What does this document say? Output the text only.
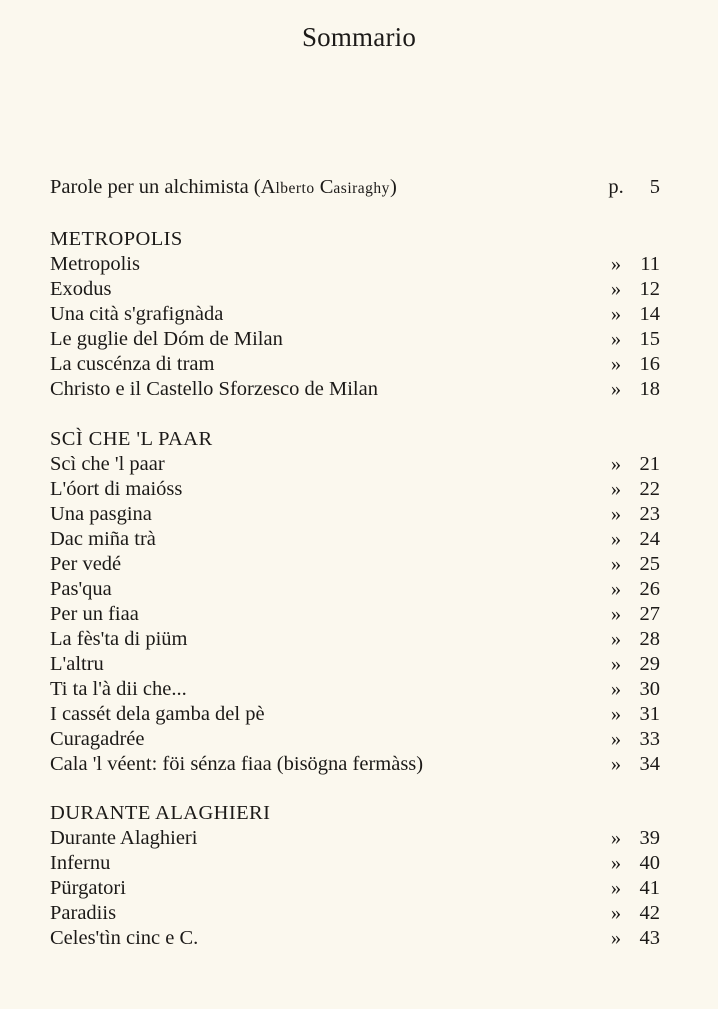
Sommario
Parole per un alchimista (Alberto Casiraghy)	p.	5
METROPOLIS
Metropolis	» 11
Exodus	» 12
Una cità s'grafignàda	» 14
Le guglie del Dóm de Milan	» 15
La cuscénza di tram	» 16
Christo e il Castello Sforzesco de Milan	» 18
SCÌ CHE 'L PAAR
Scì che 'l paar	» 21
L'óort di maióss	» 22
Una pasgina	» 23
Dac miña trà	» 24
Per vedé	» 25
Pas'qua	» 26
Per un fiaa	» 27
La fès'ta di piüm	» 28
L'altru	» 29
Ti ta l'à dii che...	» 30
I cassét dela gamba del pè	» 31
Curagadrée	» 33
Cala 'l véent: föi sénza fiaa (bisögna fermàss)	» 34
DURANTE ALAGHIERI
Durante Alaghieri	» 39
Infernu	» 40
Pürgatori	» 41
Paradiis	» 42
Celes'tìn cinc e C.	» 43
